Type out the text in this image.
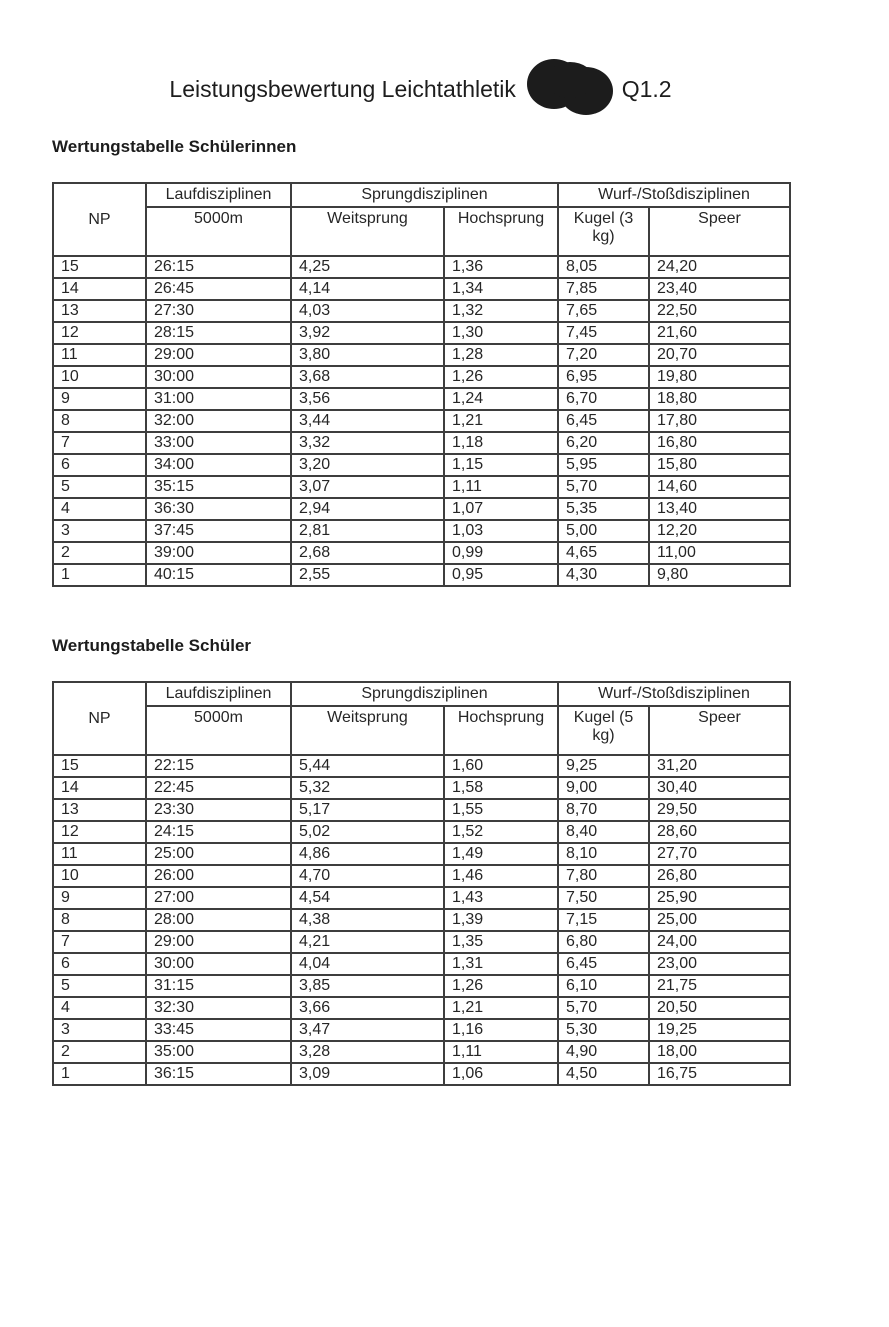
Leistungsbewertung Leichtathletik	Q1.2
Wertungstabelle Schülerinnen
NP	Laufdisziplinen	Sprungdisziplinen		Wurf-/Stoßdisziplinen	
	5000m	Weitsprung	Hochsprung	Kugel (3 kg)	Speer
15	26:15	4,25	1,36	8,05	24,20
14	26:45	4,14	1,34	7,85	23,40
13	27:30	4,03	1,32	7,65	22,50
12	28:15	3,92	1,30	7,45	21,60
11	29:00	3,80	1,28	7,20	20,70
10	30:00	3,68	1,26	6,95	19,80
9	31:00	3,56	1,24	6,70	18,80
8	32:00	3,44	1,21	6,45	17,80
7	33:00	3,32	1,18	6,20	16,80
6	34:00	3,20	1,15	5,95	15,80
5	35:15	3,07	1,11	5,70	14,60
4	36:30	2,94	1,07	5,35	13,40
3	37:45	2,81	1,03	5,00	12,20
2	39:00	2,68	0,99	4,65	11,00
1	40:15	2,55	0,95	4,30	9,80
Wertungstabelle Schüler
NP	Laufdisziplinen	Sprungdisziplinen		Wurf-/Stoßdisziplinen	
	5000m	Weitsprung	Hochsprung	Kugel (5 kg)	Speer
15	22:15	5,44	1,60	9,25	31,20
14	22:45	5,32	1,58	9,00	30,40
13	23:30	5,17	1,55	8,70	29,50
12	24:15	5,02	1,52	8,40	28,60
11	25:00	4,86	1,49	8,10	27,70
10	26:00	4,70	1,46	7,80	26,80
9	27:00	4,54	1,43	7,50	25,90
8	28:00	4,38	1,39	7,15	25,00
7	29:00	4,21	1,35	6,80	24,00
6	30:00	4,04	1,31	6,45	23,00
5	31:15	3,85	1,26	6,10	21,75
4	32:30	3,66	1,21	5,70	20,50
3	33:45	3,47	1,16	5,30	19,25
2	35:00	3,28	1,11	4,90	18,00
1	36:15	3,09	1,06	4,50	16,75
